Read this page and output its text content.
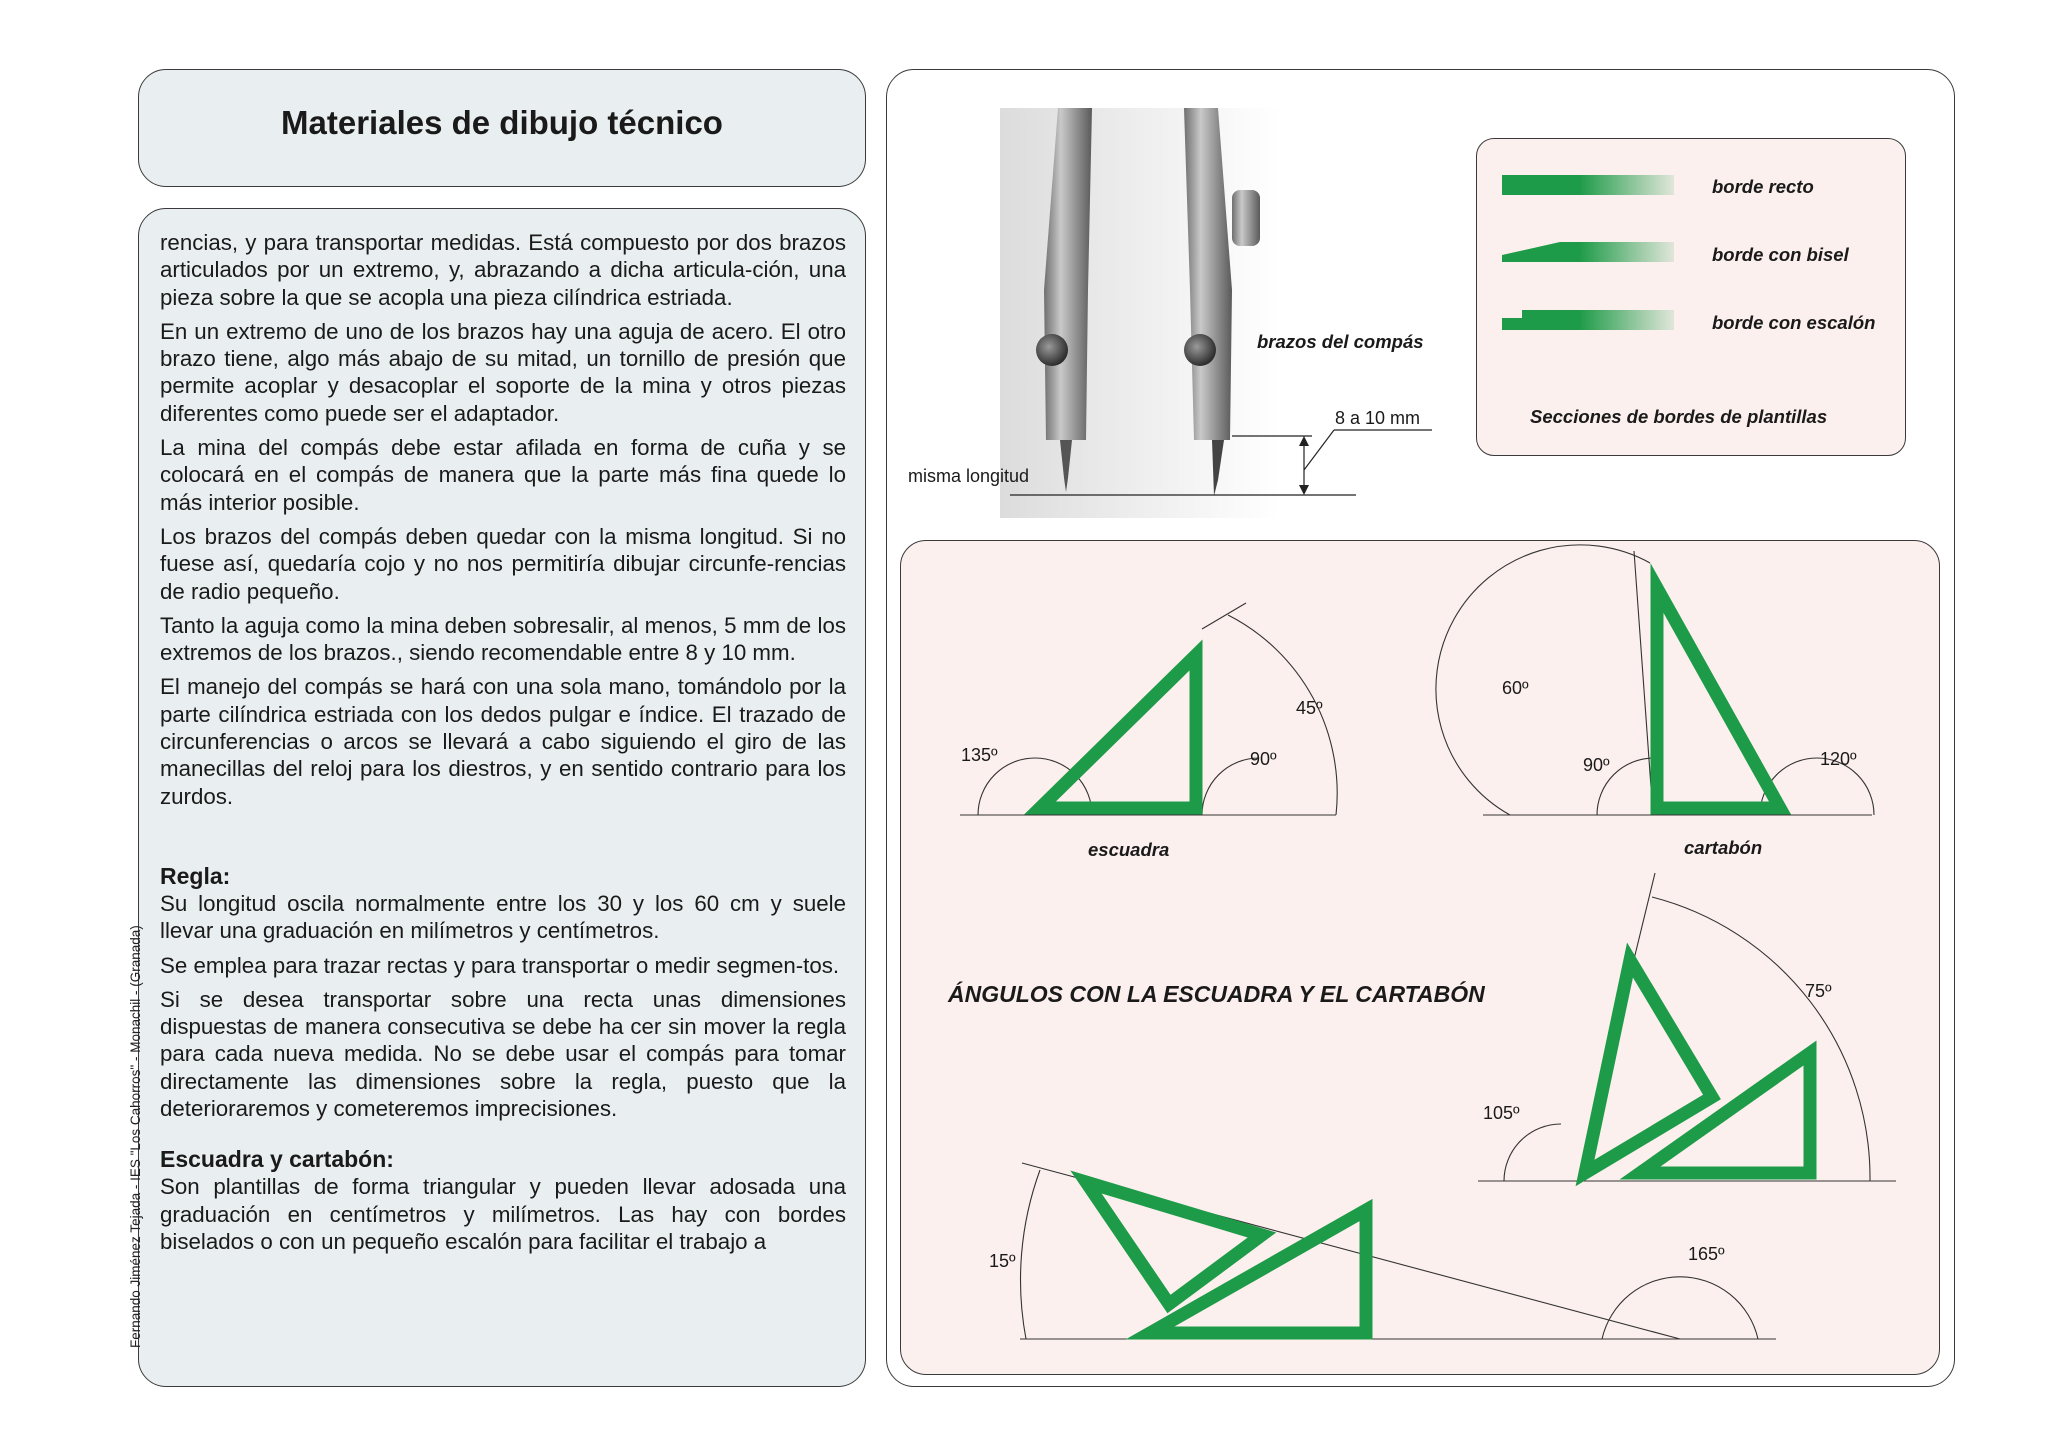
Materiales de dibujo técnico

rencias, y para transportar medidas. Está compuesto por dos brazos articulados por un extremo, y, abrazando a dicha articula-ción, una pieza sobre la que se acopla una pieza cilíndrica estriada.

En un extremo de uno de los brazos hay una aguja de acero. El otro brazo tiene, algo más abajo de su mitad, un tornillo de presión que permite acoplar y desacoplar el soporte de la mina y otros piezas diferentes como puede ser el adaptador.

La mina del compás debe estar afilada en forma de cuña y se colocará en el compás de manera que la parte más fina quede lo más interior posible.

Los brazos del compás deben quedar con la misma longitud. Si no fuese así, quedaría cojo y no nos permitiría dibujar circunfe-rencias de radio pequeño.

Tanto la aguja como la mina deben sobresalir, al menos, 5 mm de los extremos de los brazos., siendo recomendable entre 8 y 10 mm.

El manejo del compás se hará con una sola mano, tomándolo por la parte cilíndrica estriada con los dedos pulgar e índice. El trazado de circunferencias o arcos se llevará a cabo siguiendo el giro de las manecillas del reloj para los diestros, y en sentido contrario para los zurdos.

Regla:

Su longitud oscila normalmente entre los 30 y los 60 cm y suele llevar una graduación en milímetros y centímetros.

Se emplea para trazar rectas y para transportar o medir segmen-tos.

Si se desea transportar sobre una recta unas dimensiones dispuestas de manera consecutiva se debe ha cer sin mover la regla para cada nueva medida. No se debe usar el compás para tomar directamente las dimensiones sobre la regla, puesto que la deterioraremos y cometeremos imprecisiones.

Escuadra y cartabón:

Son plantillas de forma triangular y pueden llevar adosada una graduación en centímetros y milímetros. Las hay con bordes biselados o con un pequeño escalón para facilitar el trabajo a

Fernando Jiménez Tejada - IES "Los Cahorros" - Monachil - (Granada)
brazos del compás
8 a 10 mm
misma longitud
borde recto
borde con bisel
borde con escalón
Secciones de bordes de plantillas
135º	90º
45º
escuadra
60º
90º	120º
cartabón
ÁNGULOS CON LA ESCUADRA Y EL CARTABÓN	75º
105º
15º	165º
